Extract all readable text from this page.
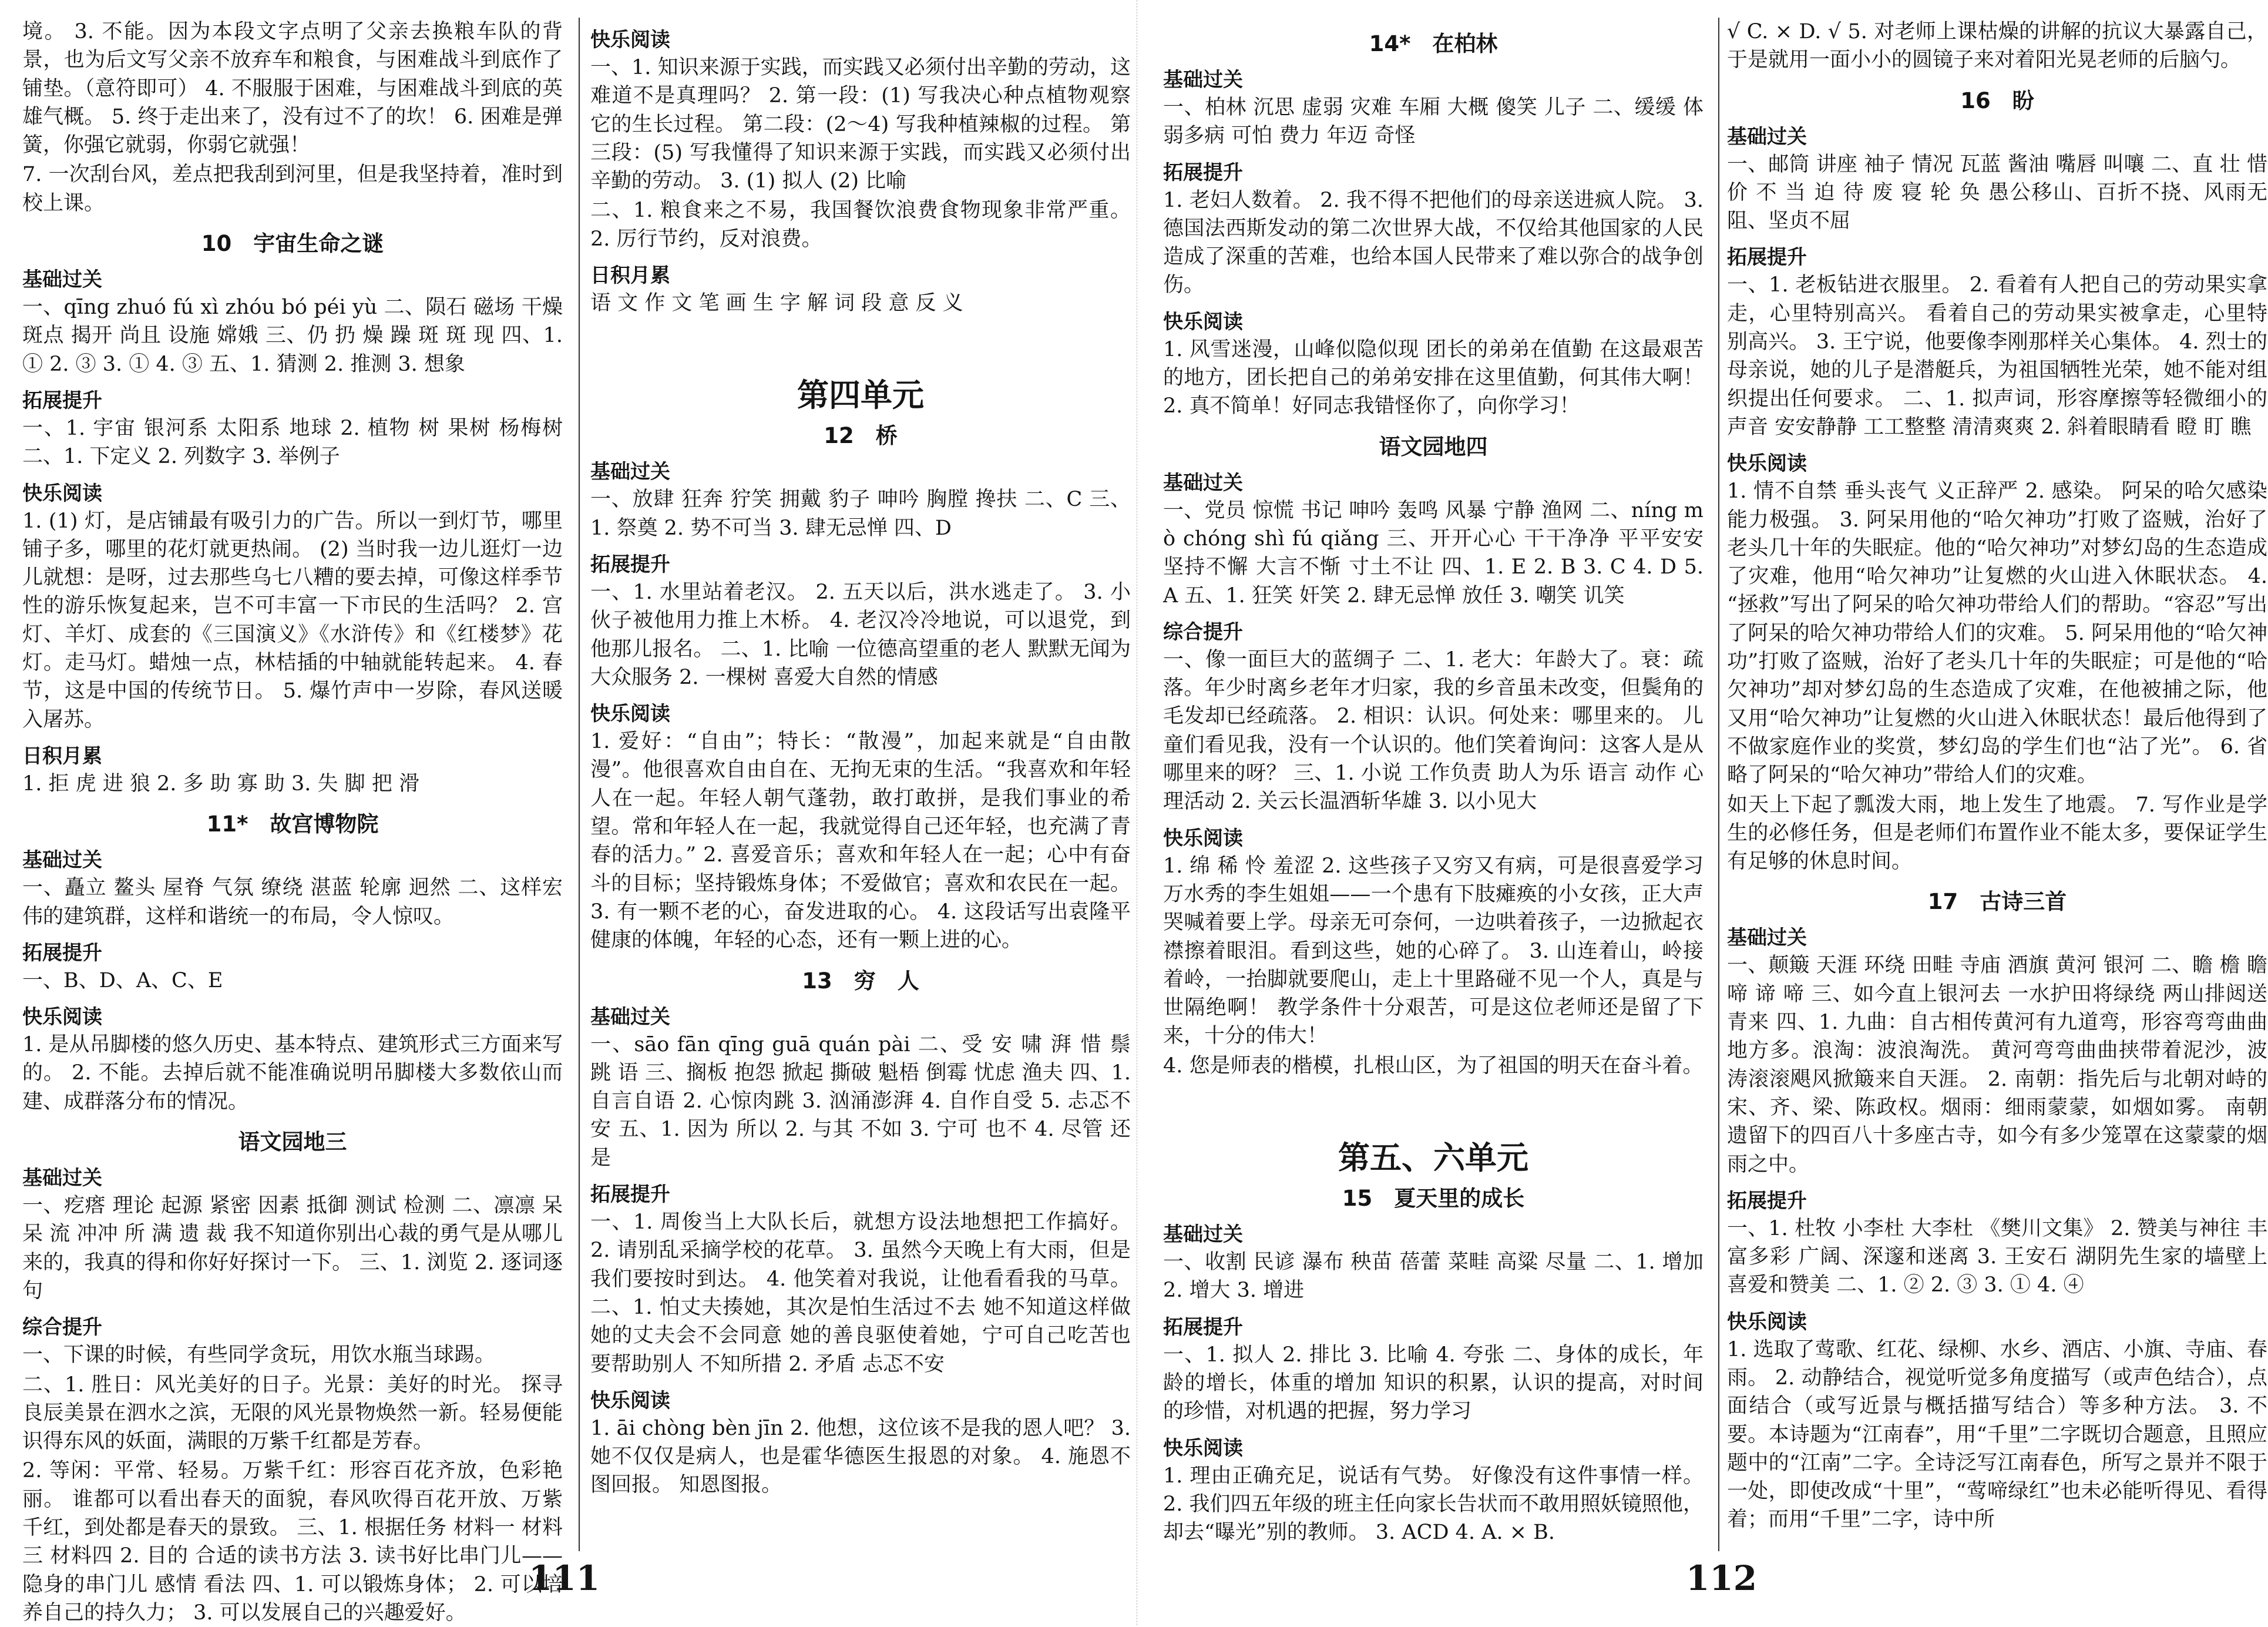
境。 3. 不能。因为本段文字点明了父亲去换粮车队的背景，也为后文写父亲不放弃车和粮食，与困难战斗到底作了铺垫。（意符即可） 4. 不服服于困难，与困难战斗到底的英雄气概。 5. 终于走出来了，没有过不了的坎！ 6. 困难是弹簧，你强它就弱，你弱它就强！

7. 一次刮台风，差点把我刮到河里，但是我坚持着，准时到校上课。

10　宇宙生命之谜
基础过关

一、qīng zhuó fú xì zhóu bó péi yù 二、陨石 磁场 干燥 斑点 揭开 尚且 设施 嫦娥 三、仍 扔 燥 躁 斑 斑 现 四、1. ① 2. ③ 3. ① 4. ③ 五、1. 猜测 2. 推测 3. 想象

拓展提升

一、1. 宇宙 银河系 太阳系 地球 2. 植物 树 果树 杨梅树 二、1. 下定义 2. 列数字 3. 举例子

快乐阅读

1. (1) 灯，是店铺最有吸引力的广告。所以一到灯节，哪里铺子多，哪里的花灯就更热闹。 (2) 当时我一边儿逛灯一边儿就想：是呀，过去那些乌七八糟的要去掉，可像这样季节性的游乐恢复起来，岂不可丰富一下市民的生活吗？ 2. 宫灯、羊灯、成套的《三国演义》《水浒传》和《红楼梦》花灯。走马灯。蜡烛一点，林桔插的中轴就能转起来。 4. 春节，这是中国的传统节日。 5. 爆竹声中一岁除，春风送暖入屠苏。

日积月累

1. 拒 虎 进 狼 2. 多 助 寡 助 3. 失 脚 把 滑

11*　故宫博物院
基础过关

一、矗立 鳌头 屋脊 气氛 缭绕 湛蓝 轮廓 迥然 二、这样宏伟的建筑群，这样和谐统一的布局，令人惊叹。

拓展提升

一、B、D、A、C、E

快乐阅读

1. 是从吊脚楼的悠久历史、基本特点、建筑形式三方面来写的。 2. 不能。去掉后就不能准确说明吊脚楼大多数依山而建、成群落分布的情况。

语文园地三
基础过关

一、疙瘩 理论 起源 紧密 因素 抵御 测试 检测 二、凛凛 呆 呆 流 冲冲 所 满 遗 裁 我不知道你别出心裁的勇气是从哪儿来的，我真的得和你好好探讨一下。 三、1. 浏览 2. 逐词逐句

综合提升

一、下课的时候，有些同学贪玩，用饮水瓶当球踢。

二、1. 胜日：风光美好的日子。光景：美好的时光。 探寻良辰美景在泗水之滨，无限的风光景物焕然一新。轻易便能识得东风的妖面，满眼的万紫千红都是芳春。

2. 等闲：平常、轻易。万紫千红：形容百花齐放，色彩艳丽。 谁都可以看出春天的面貌，春风吹得百花开放、万紫千红，到处都是春天的景致。 三、1. 根据任务 材料一 材料三 材料四 2. 目的 合适的读书方法 3. 读书好比串门儿——隐身的串门儿 感情 看法 四、1. 可以锻炼身体； 2. 可以培养自己的持久力； 3. 可以发展自己的兴趣爱好。

快乐阅读

一、1. 知识来源于实践，而实践又必须付出辛勤的劳动，这难道不是真理吗？ 2. 第一段：(1) 写我决心种点植物观察它的生长过程。 第二段：(2～4) 写我种植辣椒的过程。 第三段：(5) 写我懂得了知识来源于实践，而实践又必须付出辛勤的劳动。 3. (1) 拟人 (2) 比喻

二、1. 粮食来之不易，我国餐饮浪费食物现象非常严重。 2. 厉行节约，反对浪费。

日积月累

语 文 作 文 笔 画 生 字 解 词 段 意 反 义

第四单元
12　桥
基础过关

一、放肆 狂奔 狞笑 拥戴 豹子 呻吟 胸膛 搀扶 二、C 三、1. 祭奠 2. 势不可当 3. 肆无忌惮 四、D

拓展提升

一、1. 水里站着老汉。 2. 五天以后，洪水逃走了。 3. 小伙子被他用力推上木桥。 4. 老汉冷冷地说，可以退党，到他那儿报名。 二、1. 比喻 一位德高望重的老人 默默无闻为大众服务 2. 一棵树 喜爱大自然的情感

快乐阅读

1. 爱好：“自由”；特长：“散漫”，加起来就是“自由散漫”。他很喜欢自由自在、无拘无束的生活。“我喜欢和年轻人在一起。年轻人朝气蓬勃，敢打敢拼，是我们事业的希望。常和年轻人在一起，我就觉得自己还年轻，也充满了青春的活力。” 2. 喜爱音乐；喜欢和年轻人在一起；心中有奋斗的目标；坚持锻炼身体；不爱做官；喜欢和农民在一起。 3. 有一颗不老的心，奋发进取的心。 4. 这段话写出袁隆平健康的体魄，年轻的心态，还有一颗上进的心。

13　穷　人
基础过关

一、sāo fān qīng guā quán pài 二、受 安 啸 湃 惜 鬃 跳 语 三、搁板 抱怨 掀起 撕破 魁梧 倒霉 忧虑 渔夫 四、1. 自言自语 2. 心惊肉跳 3. 汹涌澎湃 4. 自作自受 5. 忐忑不安 五、1. 因为 所以 2. 与其 不如 3. 宁可 也不 4. 尽管 还是

拓展提升

一、1. 周俊当上大队长后，就想方设法地想把工作搞好。 2. 请别乱采摘学校的花草。 3. 虽然今天晚上有大雨，但是我们要按时到达。 4. 他笑着对我说，让他看看我的马草。 二、1. 怕丈夫揍她，其次是怕生活过不去 她不知道这样做她的丈夫会不会同意 她的善良驱使着她，宁可自己吃苦也要帮助别人 不知所措 2. 矛盾 忐忑不安

快乐阅读

1. āi chòng bèn jīn 2. 他想，这位该不是我的恩人吧？ 3. 她不仅仅是病人，也是霍华德医生报恩的对象。 4. 施恩不图回报。 知恩图报。

14*　在柏林
基础过关

一、柏林 沉思 虚弱 灾难 车厢 大概 傻笑 儿子 二、缓缓 体弱多病 可怕 费力 年迈 奇怪

拓展提升

1. 老妇人数着。 2. 我不得不把他们的母亲送进疯人院。 3. 德国法西斯发动的第二次世界大战，不仅给其他国家的人民造成了深重的苦难，也给本国人民带来了难以弥合的战争创伤。

快乐阅读

1. 风雪迷漫，山峰似隐似现 团长的弟弟在值勤 在这最艰苦的地方，团长把自己的弟弟安排在这里值勤，何其伟大啊！ 2. 真不简单！好同志我错怪你了，向你学习！

语文园地四
基础过关

一、党员 惊慌 书记 呻吟 轰鸣 风暴 宁静 渔网 二、níng mò chóng shì fú qiǎng 三、开开心心 干干净净 平平安安 坚持不懈 大言不惭 寸土不让 四、1. E 2. B 3. C 4. D 5. A 五、1. 狂笑 奸笑 2. 肆无忌惮 放任 3. 嘲笑 讥笑

综合提升

一、像一面巨大的蓝绸子 二、1. 老大：年龄大了。衰：疏落。年少时离乡老年才归家，我的乡音虽未改变，但鬓角的毛发却已经疏落。 2. 相识：认识。何处来：哪里来的。 儿童们看见我，没有一个认识的。他们笑着询问：这客人是从哪里来的呀？ 三、1. 小说 工作负责 助人为乐 语言 动作 心理活动 2. 关云长温酒斩华雄 3. 以小见大

快乐阅读

1. 绵 稀 怜 羞涩 2. 这些孩子又穷又有病，可是很喜爱学习 万水秀的李生姐姐——一个患有下肢瘫痪的小女孩，正大声哭喊着要上学。母亲无可奈何，一边哄着孩子，一边掀起衣襟擦着眼泪。看到这些，她的心碎了。 3. 山连着山，岭接着岭，一抬脚就要爬山，走上十里路碰不见一个人，真是与世隔绝啊！ 教学条件十分艰苦，可是这位老师还是留了下来，十分的伟大！

4. 您是师表的楷模，扎根山区，为了祖国的明天在奋斗着。

第五、六单元
15　夏天里的成长
基础过关

一、收割 民谚 瀑布 秧苗 蓓蕾 菜畦 高粱 尽量 二、1. 增加 2. 增大 3. 增进

拓展提升

一、1. 拟人 2. 排比 3. 比喻 4. 夸张 二、身体的成长，年龄的增长，体重的增加 知识的积累，认识的提高，对时间的珍惜，对机遇的把握，努力学习

快乐阅读

1. 理由正确充足，说话有气势。 好像没有这件事情一样。 2. 我们四五年级的班主任向家长告状而不敢用照妖镜照他，却去“曝光”别的教师。 3. ACD 4. A. × B.

√ C. × D. √ 5. 对老师上课枯燥的讲解的抗议大暴露自己，于是就用一面小小的圆镜子来对着阳光晃老师的后脑勺。

16　盼
基础过关

一、邮筒 讲座 袖子 情况 瓦蓝 酱油 嘴唇 叫嚷 二、直 壮 惜 价 不 当 迫 待 废 寝 轮 奂 愚公移山、百折不挠、风雨无阻、坚贞不屈

拓展提升

一、1. 老板钻进衣服里。 2. 看着有人把自己的劳动果实拿走，心里特别高兴。 看着自己的劳动果实被拿走，心里特别高兴。 3. 王宁说，他要像李刚那样关心集体。 4. 烈士的母亲说，她的儿子是潜艇兵，为祖国牺牲光荣，她不能对组织提出任何要求。 二、1. 拟声词，形容摩擦等轻微细小的声音 安安静静 工工整整 清清爽爽 2. 斜着眼睛看 瞪 盯 瞧

快乐阅读

1. 情不自禁 垂头丧气 义正辞严 2. 感染。 阿呆的哈欠感染能力极强。 3. 阿呆用他的“哈欠神功”打败了盗贼，治好了老头几十年的失眠症。他的“哈欠神功”对梦幻岛的生态造成了灾难，他用“哈欠神功”让复燃的火山进入休眠状态。 4. “拯救”写出了阿呆的哈欠神功带给人们的帮助。“容忍”写出了阿呆的哈欠神功带给人们的灾难。 5. 阿呆用他的“哈欠神功”打败了盗贼，治好了老头几十年的失眠症；可是他的“哈欠神功”却对梦幻岛的生态造成了灾难，在他被捕之际，他又用“哈欠神功”让复燃的火山进入休眠状态！最后他得到了不做家庭作业的奖赏，梦幻岛的学生们也“沾了光”。 6. 省略了阿呆的“哈欠神功”带给人们的灾难。

如天上下起了瓢泼大雨，地上发生了地震。 7. 写作业是学生的必修任务，但是老师们布置作业不能太多，要保证学生有足够的休息时间。

17　古诗三首
基础过关

一、颠簸 天涯 环绕 田畦 寺庙 酒旗 黄河 银河 二、瞻 檐 瞻 啼 谛 啼 三、如今直上银河去 一水护田将绿绕 两山排闼送青来 四、1. 九曲：自古相传黄河有九道弯，形容弯弯曲曲地方多。浪淘：波浪淘洗。 黄河弯弯曲曲挟带着泥沙，波涛滚滚飓风掀簸来自天涯。 2. 南朝：指先后与北朝对峙的宋、齐、梁、陈政权。烟雨：细雨蒙蒙，如烟如雾。 南朝遗留下的四百八十多座古寺，如今有多少笼罩在这蒙蒙的烟雨之中。

拓展提升

一、1. 杜牧 小李杜 大李杜 《樊川文集》 2. 赞美与神往 丰富多彩 广阔、深邃和迷离 3. 王安石 湖阴先生家的墙壁上 喜爱和赞美 二、1. ② 2. ③ 3. ① 4. ④

快乐阅读

1. 选取了莺歌、红花、绿柳、水乡、酒店、小旗、寺庙、春雨。 2. 动静结合，视觉听觉多角度描写（或声色结合），点面结合（或写近景与概括描写结合）等多种方法。 3. 不要。本诗题为“江南春”，用“千里”二字既切合题意，且照应题中的“江南”二字。全诗泛写江南春色，所写之景并不限于一处，即使改成“十里”，“莺啼绿红”也未必能听得见、看得着；而用“千里”二字，诗中所

111	112
